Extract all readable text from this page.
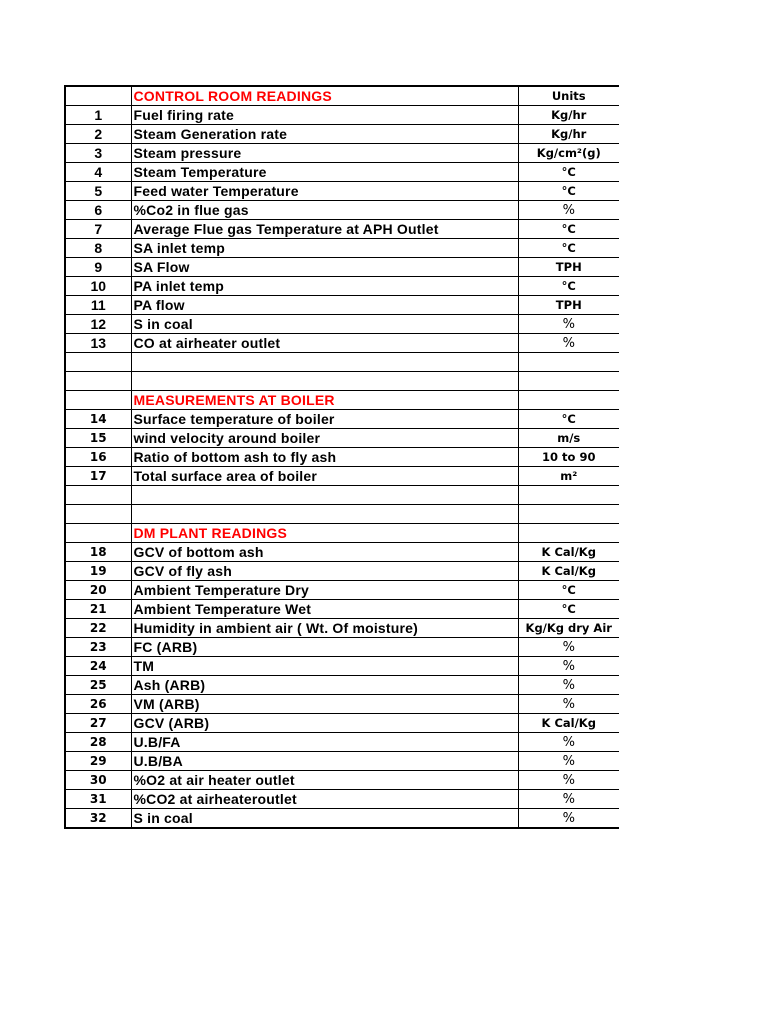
	CONTROL ROOM READINGS	Units
1	Fuel firing rate	Kg/hr
2	Steam Generation rate	Kg/hr
3	Steam pressure	Kg/cm²(g)
4	Steam Temperature	°C
5	Feed water Temperature	°C
6	%Co2 in flue gas	%
7	Average Flue gas Temperature at APH Outlet	°C
8	SA inlet temp	°C
9	SA Flow	TPH
10	PA inlet temp	°C
11	PA flow	TPH
12	S in coal	%
13	CO at airheater outlet	%

	MEASUREMENTS AT BOILER	
14	Surface temperature of boiler	°C
15	wind velocity around boiler	m/s
16	Ratio of bottom ash to fly ash	10 to 90
17	Total surface area of boiler	m²

	DM PLANT READINGS	
18	GCV of bottom ash	K Cal/Kg
19	GCV of fly ash	K Cal/Kg
20	Ambient Temperature Dry	°C
21	Ambient Temperature Wet	°C
22	Humidity in ambient air ( Wt. Of moisture)	Kg/Kg dry Air
23	FC (ARB)	%
24	TM	%
25	Ash (ARB)	%
26	VM (ARB)	%
27	GCV (ARB)	K Cal/Kg
28	U.B/FA	%
29	U.B/BA	%
30	%O2 at air heater outlet	%
31	%CO2 at airheateroutlet	%
32	S in coal	%
